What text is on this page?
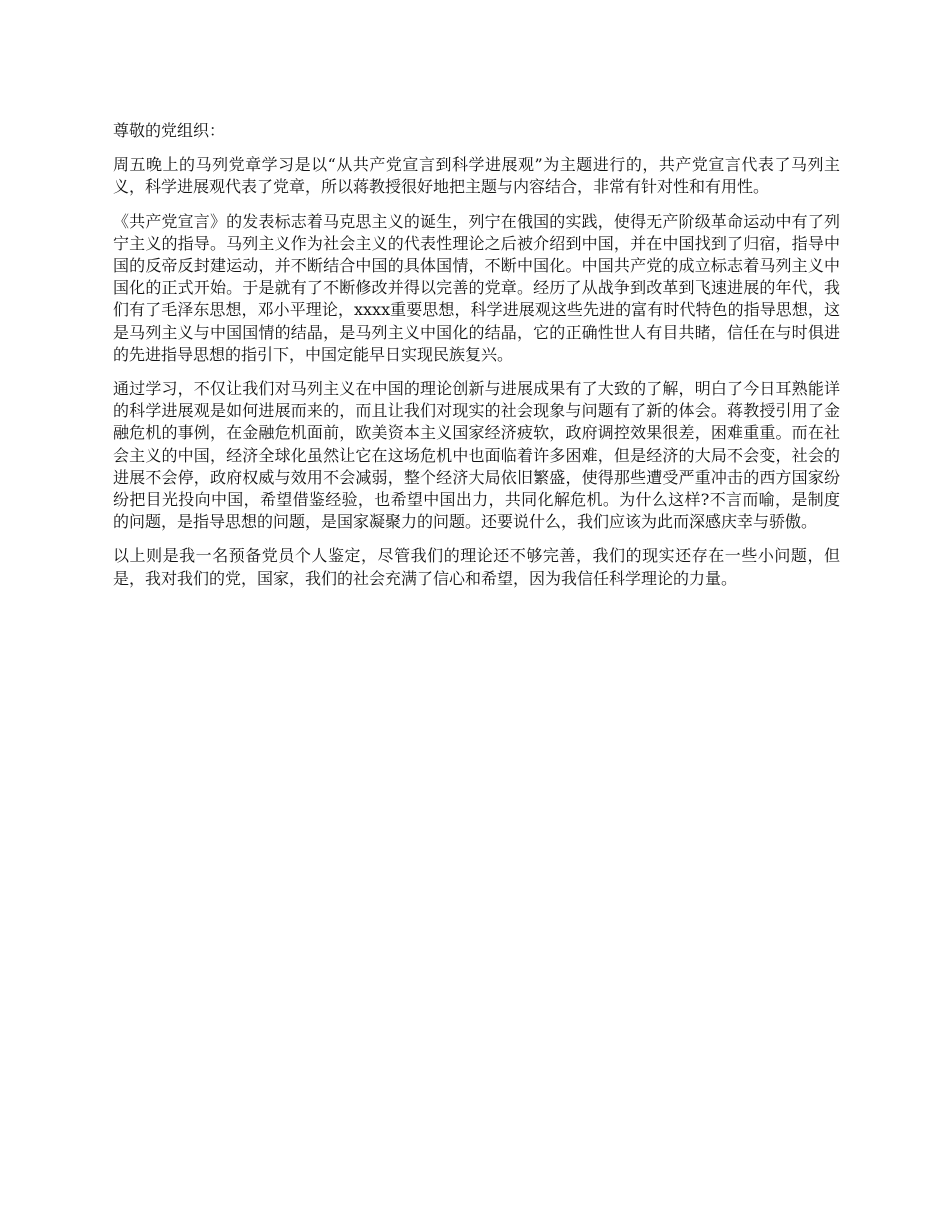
尊敬的党组织：

周五晚上的马列党章学习是以“从共产党宣言到科学进展观”为主题进行的，共产党宣言代表了马列主义，科学进展观代表了党章，所以蒋教授很好地把主题与内容结合，非常有针对性和有用性。

《共产党宣言》的发表标志着马克思主义的诞生，列宁在俄国的实践，使得无产阶级革命运动中有了列宁主义的指导。马列主义作为社会主义的代表性理论之后被介绍到中国，并在中国找到了归宿，指导中国的反帝反封建运动，并不断结合中国的具体国情，不断中国化。中国共产党的成立标志着马列主义中国化的正式开始。于是就有了不断修改并得以完善的党章。经历了从战争到改革到飞速进展的年代，我们有了毛泽东思想，邓小平理论，xxxx重要思想，科学进展观这些先进的富有时代特色的指导思想，这是马列主义与中国国情的结晶，是马列主义中国化的结晶，它的正确性世人有目共睹，信任在与时俱进的先进指导思想的指引下，中国定能早日实现民族复兴。

通过学习，不仅让我们对马列主义在中国的理论创新与进展成果有了大致的了解，明白了今日耳熟能详的科学进展观是如何进展而来的，而且让我们对现实的社会现象与问题有了新的体会。蒋教授引用了金融危机的事例，在金融危机面前，欧美资本主义国家经济疲软，政府调控效果很差，困难重重。而在社会主义的中国，经济全球化虽然让它在这场危机中也面临着许多困难，但是经济的大局不会变，社会的进展不会停，政府权威与效用不会减弱，整个经济大局依旧繁盛，使得那些遭受严重冲击的西方国家纷纷把目光投向中国，希望借鉴经验，也希望中国出力，共同化解危机。为什么这样?不言而喻，是制度的问题，是指导思想的问题，是国家凝聚力的问题。还要说什么，我们应该为此而深感庆幸与骄傲。

以上则是我一名预备党员个人鉴定，尽管我们的理论还不够完善，我们的现实还存在一些小问题，但是，我对我们的党，国家，我们的社会充满了信心和希望，因为我信任科学理论的力量。
